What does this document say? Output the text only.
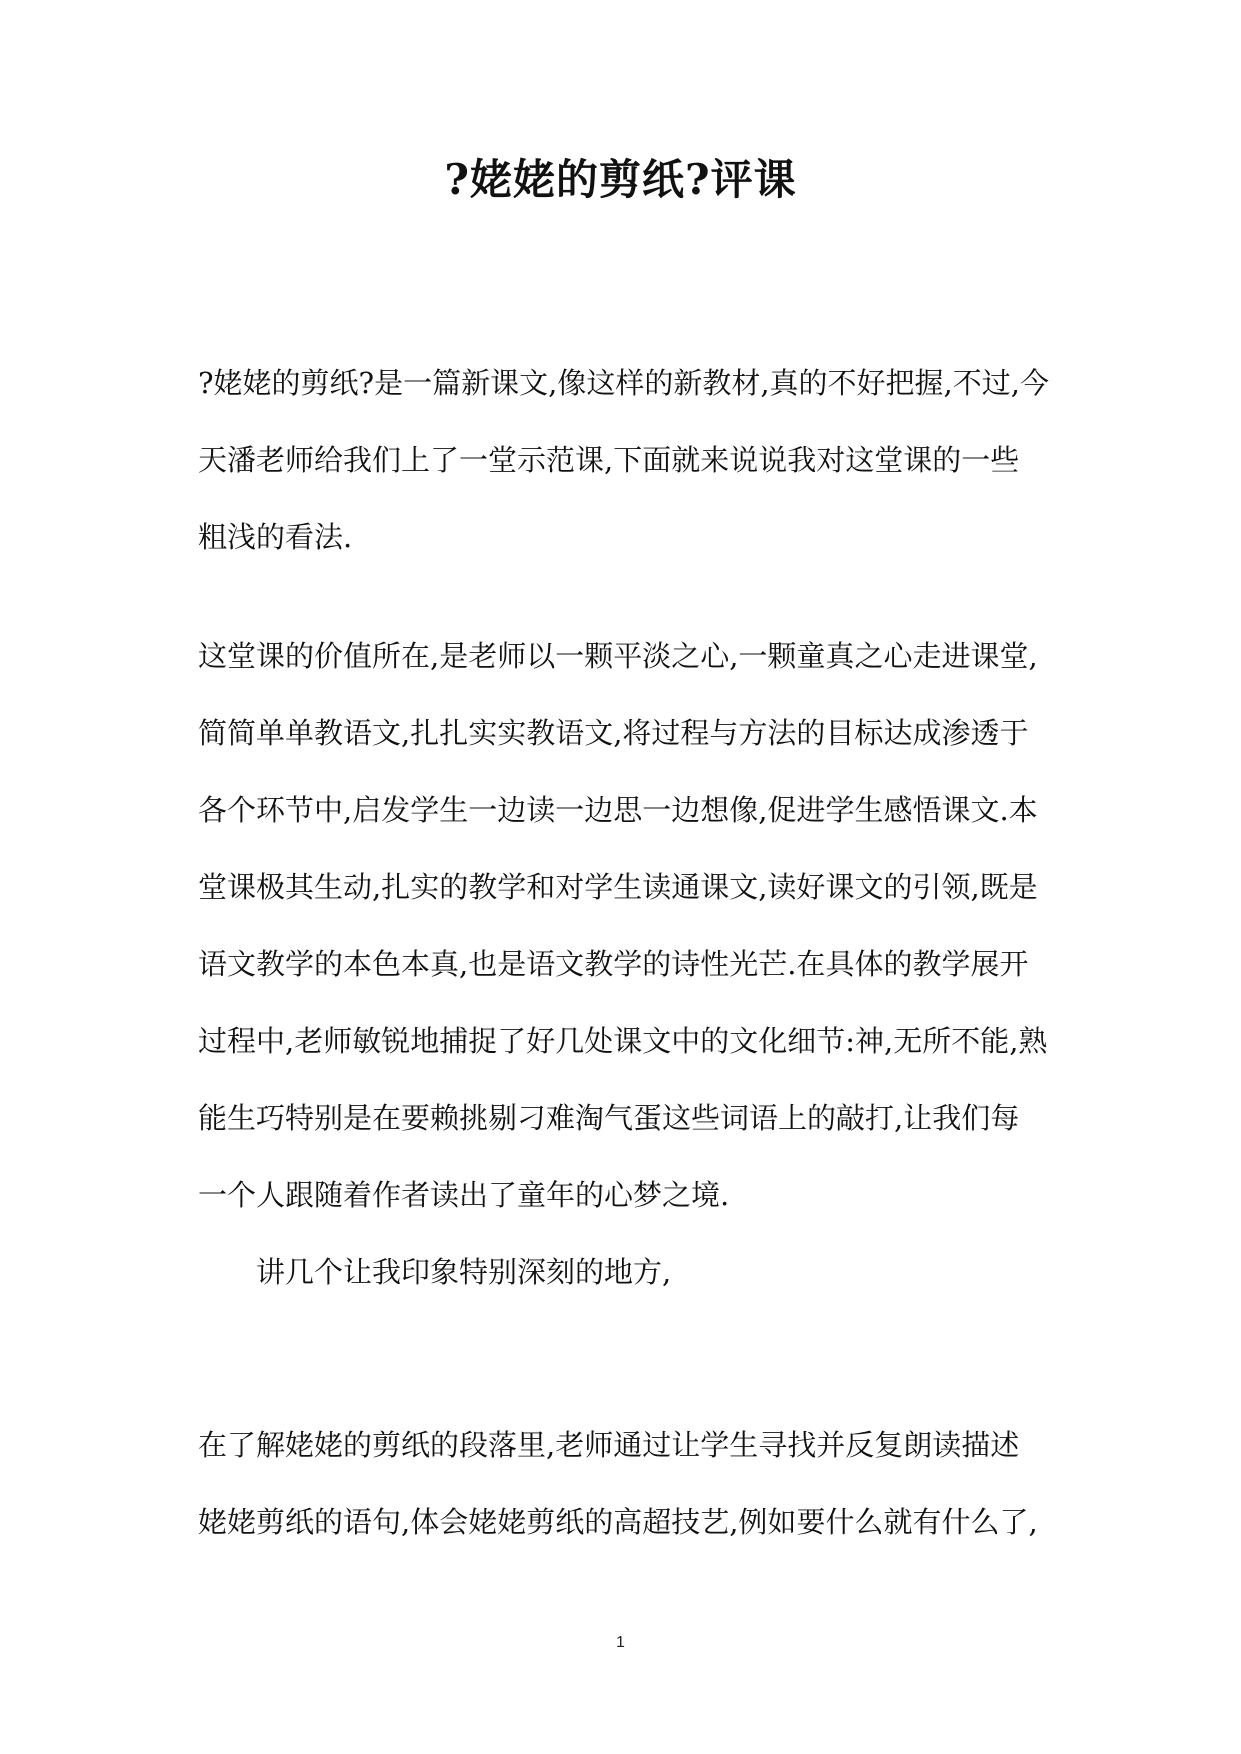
?姥姥的剪纸?评课
?姥姥的剪纸?是一篇新课文,像这样的新教材,真的不好把握,不过,今
天潘老师给我们上了一堂示范课,下面就来说说我对这堂课的一些
粗浅的看法.
这堂课的价值所在,是老师以一颗平淡之心,一颗童真之心走进课堂,
简简单单教语文,扎扎实实教语文,将过程与方法的目标达成渗透于
各个环节中,启发学生一边读一边思一边想像,促进学生感悟课文.本
堂课极其生动,扎实的教学和对学生读通课文,读好课文的引领,既是
语文教学的本色本真,也是语文教学的诗性光芒.在具体的教学展开
过程中,老师敏锐地捕捉了好几处课文中的文化细节:神,无所不能,熟
能生巧特别是在要赖挑剔刁难淘气蛋这些词语上的敲打,让我们每
一个人跟随着作者读出了童年的心梦之境.
讲几个让我印象特别深刻的地方,
在了解姥姥的剪纸的段落里,老师通过让学生寻找并反复朗读描述
姥姥剪纸的语句,体会姥姥剪纸的高超技艺,例如要什么就有什么了,
1
